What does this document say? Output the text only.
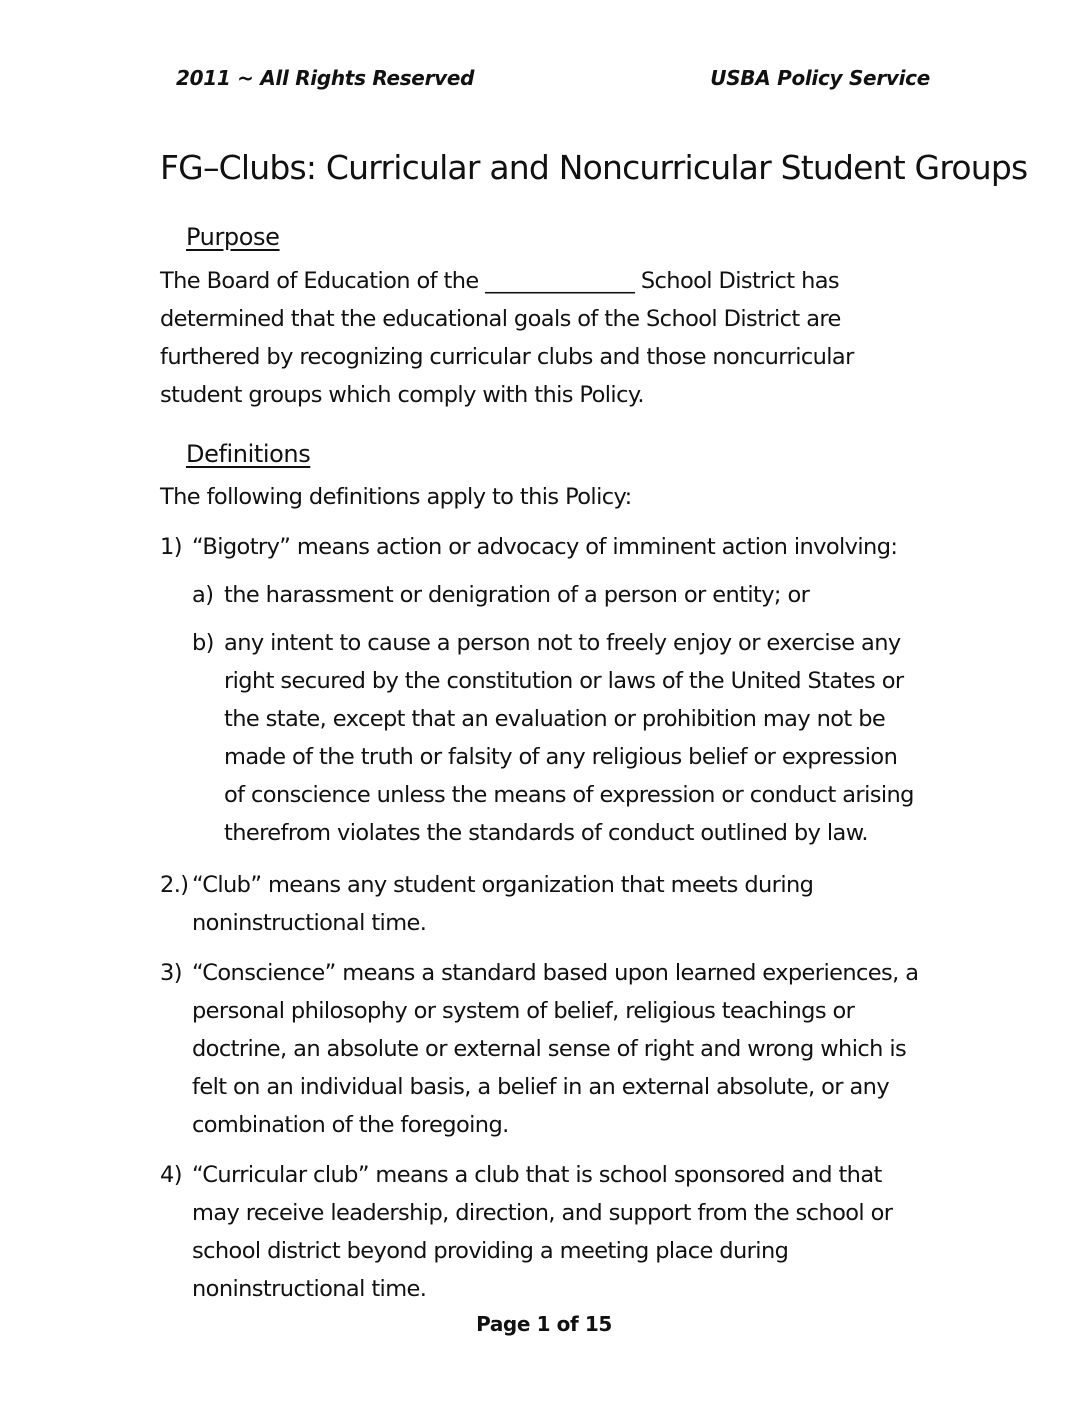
2011 ~ All Rights Reserved	USBA Policy Service
FG–Clubs: Curricular and Noncurricular Student Groups
Purpose

The Board of Education of the ______________ School District has determined that the educational goals of the School District are furthered by recognizing curricular clubs and those noncurricular student groups which comply with this Policy.

Definitions

The following definitions apply to this Policy:

1) “Bigotry” means action or advocacy of imminent action involving:
a) the harassment or denigration of a person or entity; or
b) any intent to cause a person not to freely enjoy or exercise any right secured by the constitution or laws of the United States or the state, except that an evaluation or prohibition may not be made of the truth or falsity of any religious belief or expression of conscience unless the means of expression or conduct arising therefrom violates the standards of conduct outlined by law.
2.) “Club” means any student organization that meets during noninstructional time.
3) “Conscience” means a standard based upon learned experiences, a personal philosophy or system of belief, religious teachings or doctrine, an absolute or external sense of right and wrong which is felt on an individual basis, a belief in an external absolute, or any combination of the foregoing.
4) “Curricular club” means a club that is school sponsored and that may receive leadership, direction, and support from the school or school district beyond providing a meeting place during noninstructional time.
Page 1 of 15
